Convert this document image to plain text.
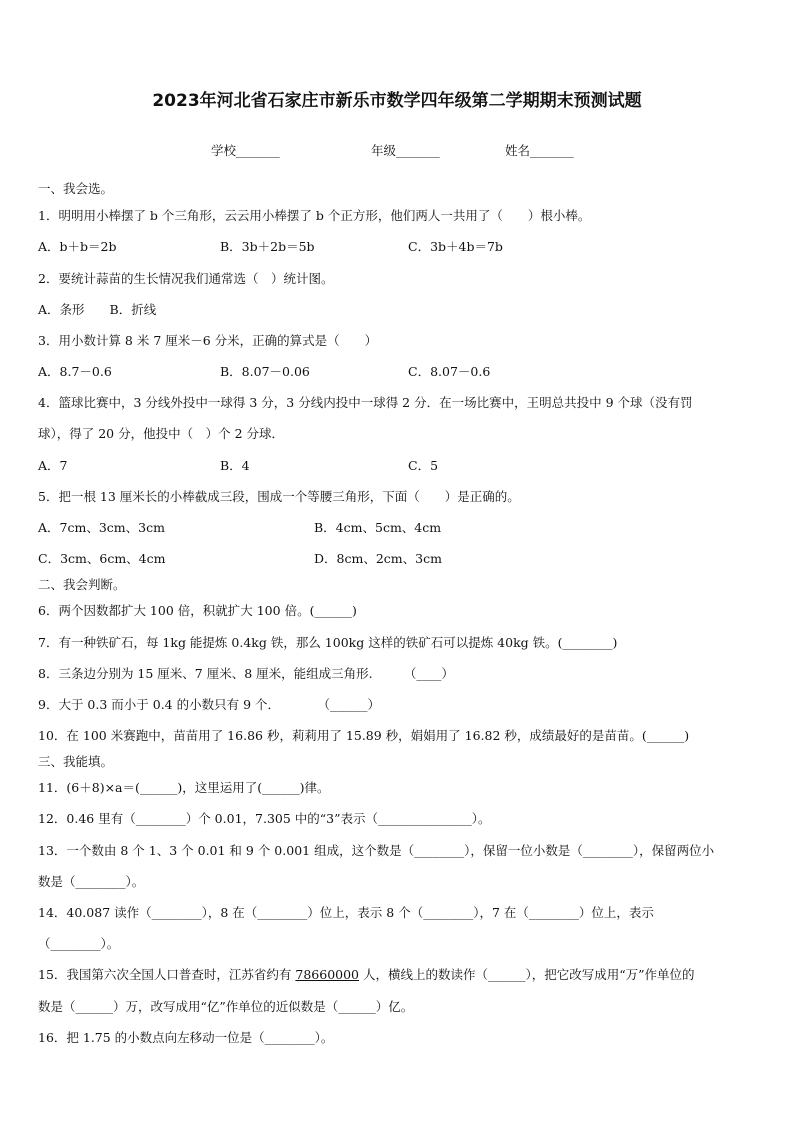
2023年河北省石家庄市新乐市数学四年级第二学期期末预测试题
学校_______	年级_______	姓名_______
一、我会选。
1．明明用小棒摆了 b 个三角形，云云用小棒摆了 b 个正方形，他们两人一共用了（　　）根小棒。
A．b＋b＝2b	B．3b＋2b＝5b	C．3b＋4b＝7b
2．要统计蒜苗的生长情况我们通常选（　）统计图。
A．条形　　B．折线
3．用小数计算 8 米 7 厘米－6 分米，正确的算式是（　　）
A．8.7－0.6	B．8.07－0.06	C．8.07－0.6
4．篮球比赛中，3 分线外投中一球得 3 分，3 分线内投中一球得 2 分．在一场比赛中，王明总共投中 9 个球（没有罚
球），得了 20 分，他投中（　）个 2 分球．
A．7	B．4	C．5
5．把一根 13 厘米长的小棒截成三段，围成一个等腰三角形，下面（　　）是正确的。
A．7cm、3cm、3cm	B．4cm、5cm、4cm
C．3cm、6cm、4cm	D．8cm、2cm、3cm
二、我会判断。
6．两个因数都扩大 100 倍，积就扩大 100 倍。(______)
7．有一种铁矿石，每 1kg 能提炼 0.4kg 铁，那么 100kg 这样的铁矿石可以提炼 40kg 铁。(________)
8．三条边分别为 15 厘米、7 厘米、8 厘米，能组成三角形.　　　（____）
9．大于 0.3 而小于 0.4 的小数只有 9 个．　　　　（______）
10．在 100 米赛跑中，苗苗用了 16.86 秒，莉莉用了 15.89 秒，娟娟用了 16.82 秒，成绩最好的是苗苗。(______)
三、我能填。
11．(6＋8)×a＝(______)，这里运用了(______)律。
12．0.46 里有（________）个 0.01，7.305 中的“3”表示（_______________）。
13．一个数由 8 个 1、3 个 0.01 和 9 个 0.001 组成，这个数是（________），保留一位小数是（________），保留两位小
数是（________）。
14．40.087 读作（________），8 在（________）位上，表示 8 个（________），7 在（________）位上，表示
（________）。
15．我国第六次全国人口普查时，江苏省约有 78660000 人，横线上的数读作（______），把它改写成用“万”作单位的
数是（______）万，改写成用“亿”作单位的近似数是（______）亿。
16．把 1.75 的小数点向左移动一位是（________）。
